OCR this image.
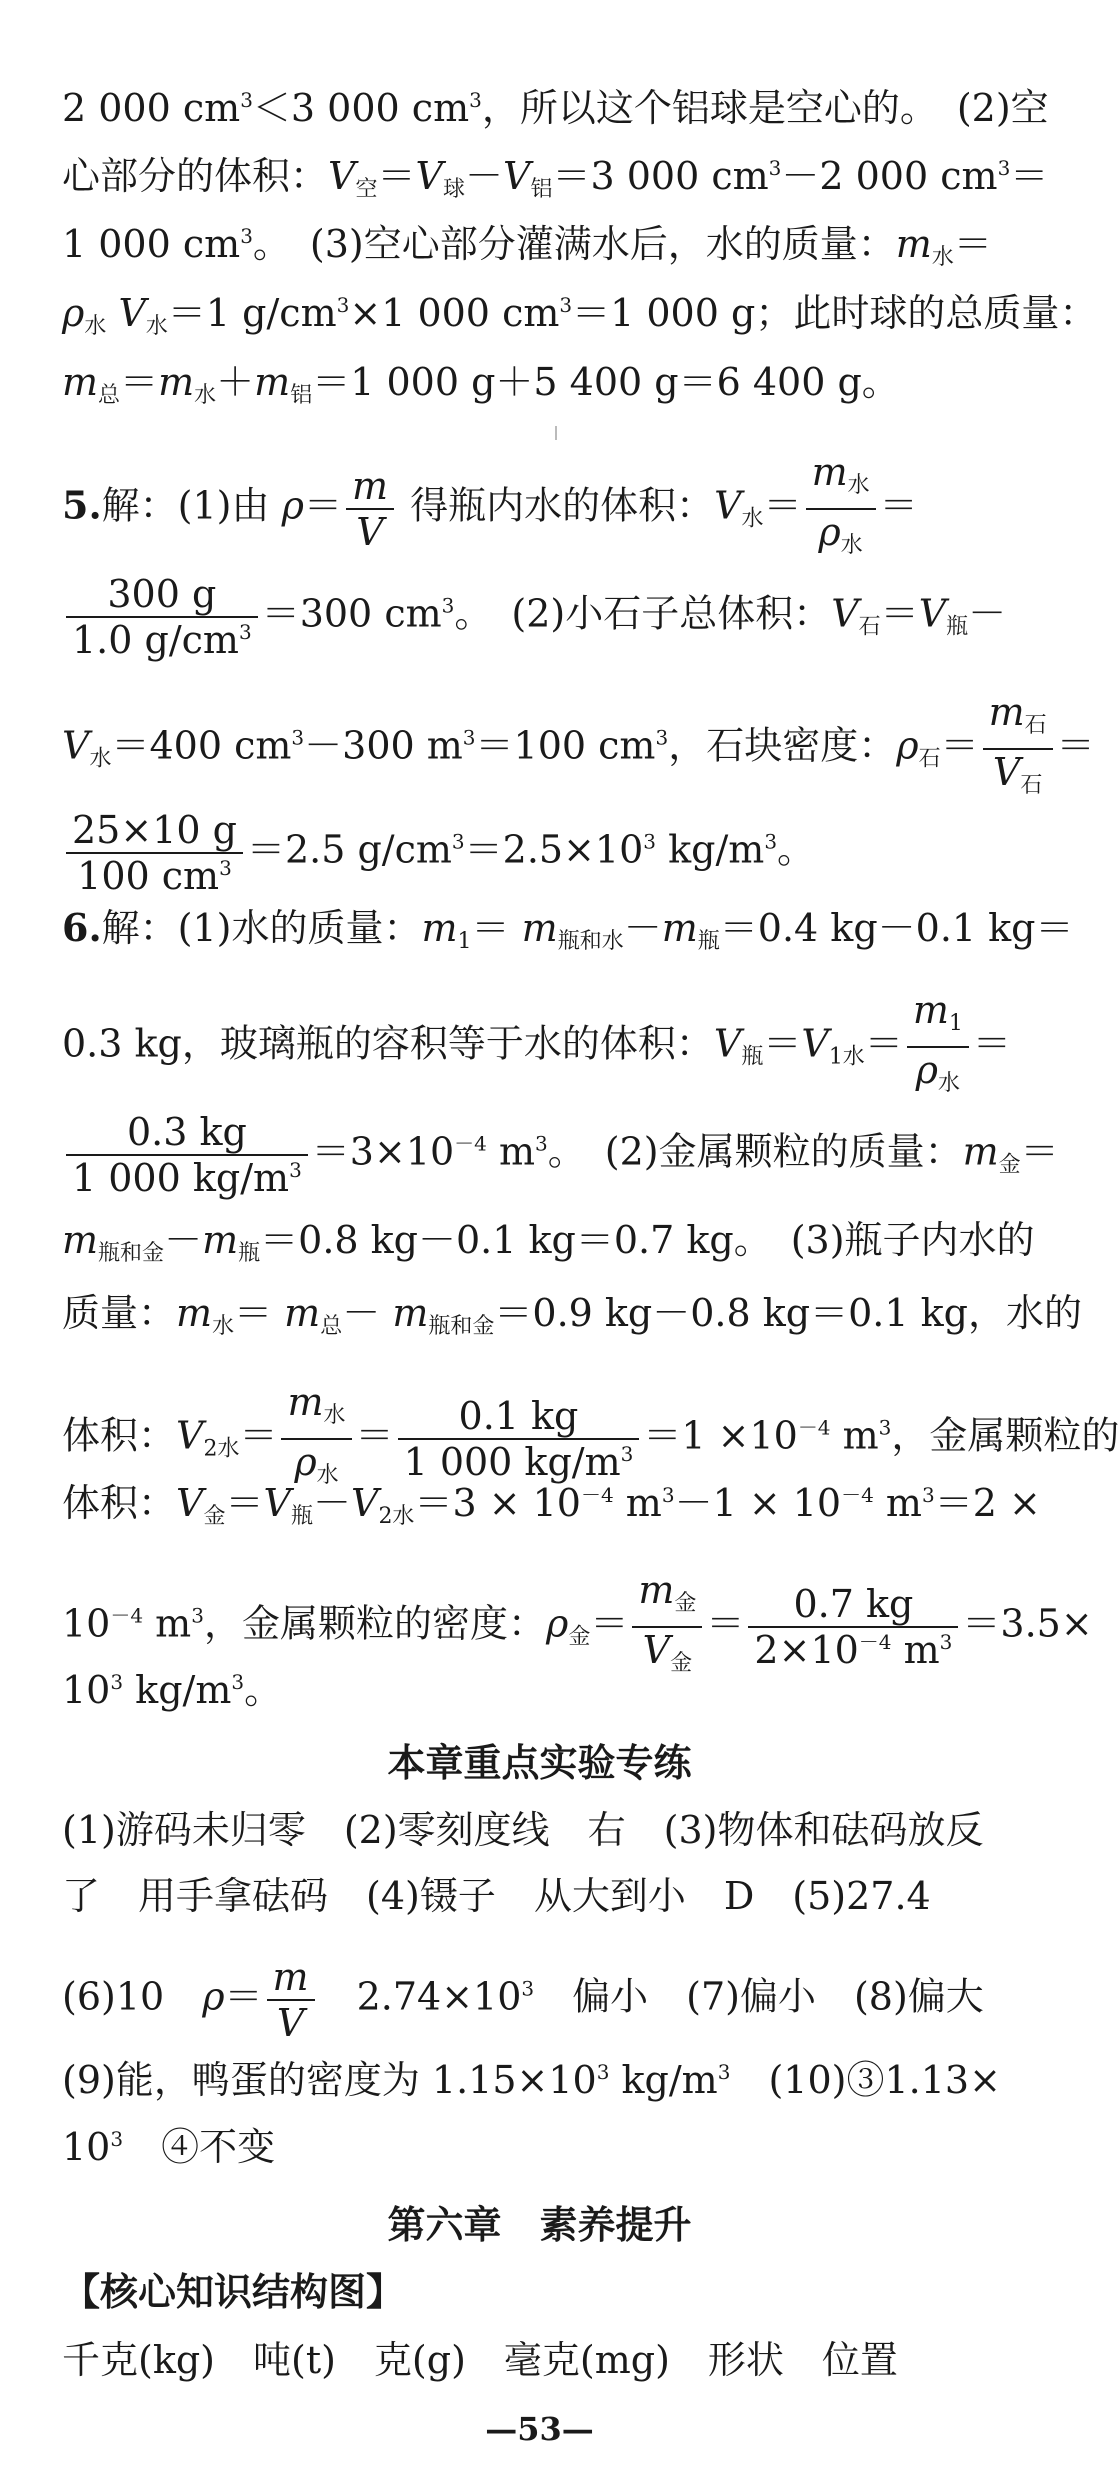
2 000 $cm^3<3$ 000 $cm^3$，所以这个铝球是空心的。　(2)空
心部分的体积：$V_空=V_球-V_铝=3$ 000 $cm^3-2$ 000 $cm^3=$
1 000 $cm^3$。　(3)空心部分灌满水后，水的质量：$m_水=$
$\rho_水$ $V_水=1$ $g/cm^3\times 1$ 000 $cm^3=1$ 000 g；此时球的总质量：
$m_总=m_水+m_铝=1$ 000 g＋5 400 g＝6 400 g。
5.解：(1)由 $\rho= \frac{m}{V}$ 得瓶内水的体积：$V_水= \frac{m_水}{\rho_水}$ ＝
$\frac{300 g}{1.0 g/cm^3} =300$ $cm^3$。　(2)小石子总体积：$V_石=V_瓶-$
$V_水=400$ $cm^3-300$ $m^3=100$ $cm^3$，石块密度：$\rho_石= \frac{m_石}{V_石}$ ＝
$\frac{25\times 10 g}{100 cm^3} =2.5$ $g/cm^3=2.5\times 10^3$ $kg/m^3$。
6.解：(1)水的质量：$m_1= m_{瓶和水}-m_瓶=0.4$ kg－0.1 kg＝
0.3 kg，玻璃瓶的容积等于水的体积：$V_瓶=V_{1水}= \frac{m_1}{\rho_水}$ ＝
$\frac{0.3 kg}{1 000 kg/m^3} =3\times 10^{-4}$ $m^3$。　(2)金属颗粒的质量：$m_金=$
$m_{瓶和金}-m_瓶=0.8$ kg－0.1 kg＝0.7 kg。　(3)瓶子内水的
质量：$m_水= m_总- m_{瓶和金}=0.9$ kg－0.8 kg＝0.1 kg，水的
体积：$V_{2水}= \frac{m_水}{\rho_水} = \frac{0.1 kg}{1 000 kg/m^3} =1 \times 10^{-4}$ $m^3$，金属颗粒的
体积：$V_金=V_瓶-V_{2水}=3 \times 10^{-4}$ $m^3-1 \times 10^{-4}$ $m^3=2$ ×
$10^{-4}$ $m^3$，金属颗粒的密度：$\rho_金= \frac{m_金}{V_金} = \frac{0.7 kg}{2\times 10^{-4} m^3} =3.5\times$
$10^3$ $kg/m^3$。
本章重点实验专练
(1)游码未归零　(2)零刻度线　右　(3)物体和砝码放反
了　用手拿砝码　(4)镊子　从大到小　D　(5)27.4
(6)10　$\rho= \frac{m}{V}$ 　$2.74\times 10^3$　偏小　(7)偏小　(8)偏大
(9)能，鸭蛋的密度为 $1.15\times 10^3$ $kg/m^3$　(10)③1.13×
$10^3$　④不变
第六章　素养提升
【核心知识结构图】
千克(kg)　吨(t)　克(g)　毫克(mg)　形状　位置
—53—
